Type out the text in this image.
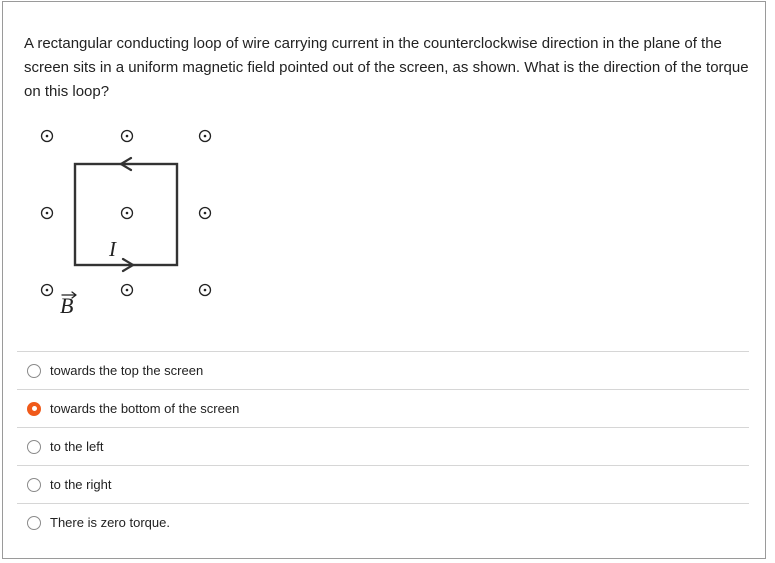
A rectangular conducting loop of wire carrying current in the counterclockwise direction in the plane of the screen sits in a uniform magnetic field pointed out of the screen, as shown. What is the direction of the torque on this loop?
I
B
towards the top the screen
towards the bottom of the screen
to the left
to the right
There is zero torque.
